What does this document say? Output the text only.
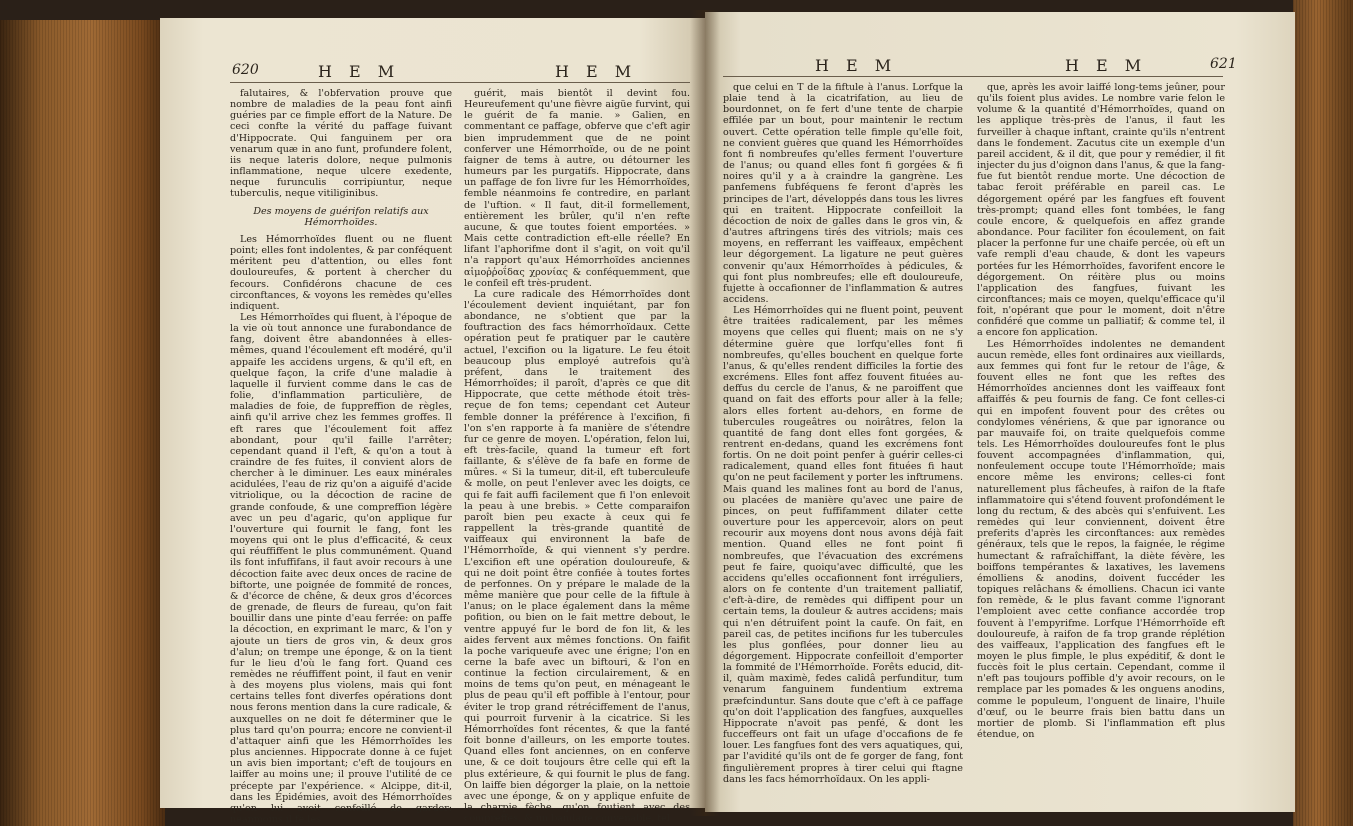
620	H E M	H E M

falutaires, & l'obfervation prouve que nombre de maladies de la peau font ainfi guéries par ce fimple effort de la Nature. De ceci confte la vérité du paffage fuivant d'Hippocrate. Qui fanguinem per ora venarum quæ in ano funt, profundere folent, iis neque lateris dolore, neque pulmonis inflammatione, neque ulcere exedente, neque furunculis corripiuntur, neque tuberculis, neque vitiliginibus.

Des moyens de guérifon relatifs aux Hémorrhoïdes.

Les Hémorrhoïdes fluent ou ne fluent point; elles font indolentes, & par conféquent méritent peu d'attention, ou elles font douloureufes, & portent à chercher du fecours. Confidérons chacune de ces circonftances, & voyons les remèdes qu'elles indiquent.

Les Hémorrhoïdes qui fluent, à l'époque de la vie où tout annonce une furabondance de fang, doivent être abandonnées à elles-mêmes, quand l'écoulement eft modéré, qu'il appaife les accidens urgens, & qu'il eft, en quelque façon, la crife d'une maladie à laquelle il furvient comme dans le cas de folie, d'inflammation particulière, de maladies de foie, de fuppreffion de règles, ainfi qu'il arrive chez les femmes groffes. Il eft rares que l'écoulement foit affez abondant, pour qu'il faille l'arrêter; cependant quand il l'eft, & qu'on a tout à craindre de fes fuites, il convient alors de chercher à le diminuer. Les eaux minérales acidulées, l'eau de riz qu'on a aiguifé d'acide vitriolique, ou la décoction de racine de grande confoude, & une compreffion légère avec un peu d'agaric, qu'on applique fur l'ouverture qui fournit le fang, font les moyens qui ont le plus d'efficacité, & ceux qui réuffiffent le plus communément. Quand ils font infuffifans, il faut avoir recours à une décoction faite avec deux onces de racine de biftorte, une poignée de fommité de ronces, & d'écorce de chêne, & deux gros d'écorces de grenade, de fleurs de fureau, qu'on fait bouillir dans une pinte d'eau ferrée: on paffe la décoction, en exprimant le marc, & l'on y ajoute un tiers de gros vin, & deux gros d'alun; on trempe une éponge, & on la tient fur le lieu d'où le fang fort. Quand ces remèdes ne réuffiffent point, il faut en venir à des moyens plus violens, mais qui font certains telles font diverfes opérations dont nous ferons mention dans la cure radicale, & auxquelles on ne doit fe déterminer que le plus tard qu'on pourra; encore ne convient-il d'attaquer ainfi que les Hémorrhoïdes les plus anciennes. Hippocrate donne à ce fujet un avis bien important; c'eft de toujours en laiffer au moins une; il prouve l'utilité de ce précepte par l'expérience. « Alcippe, dit-il, dans les Épidémies, avoit des Hémorrhoïdes qu'on lui avoit confeillé de garder; néanmoins il fe les

guérit, mais bientôt il devint fou. Heureufement qu'une fièvre aigüe furvint, qui le guérit de fa manie. » Galien, en commentant ce paffage, obferve que c'eft agir bien imprudemment que de ne point conferver une Hémorrhoïde, ou de ne point faigner de tems à autre, ou détourner les humeurs par les purgatifs. Hippocrate, dans un paffage de fon livre fur les Hémorrhoïdes, femble néanmoins fe contredire, en parlant de l'uftion. « Il faut, dit-il formellement, entièrement les brûler, qu'il n'en refte aucune, & que toutes foient emportées. » Mais cette contradiction eft-elle réelle? En lifant l'aphorifme dont il s'agit, on voit qu'il n'a rapport qu'aux Hémorrhoïdes anciennes αἱμοῤῥοΐδας χρονίας & conféquemment, que le confeil eft très-prudent.

La cure radicale des Hémorrhoïdes dont l'écoulement devient inquiétant, par fon abondance, ne s'obtient que par la fouftraction des facs hémorrhoïdaux. Cette opération peut fe pratiquer par le cautère actuel, l'excifion ou la ligature. Le feu étoit beaucoup plus employé autrefois qu'à préfent, dans le traitement des Hémorrhoïdes; il paroît, d'après ce que dit Hippocrate, que cette méthode étoit très-reçue de fon tems; cependant cet Auteur femble donner la préférence à l'excifion, fi l'on s'en rapporte à fa manière de s'étendre fur ce genre de moyen. L'opération, felon lui, eft très-facile, quand la tumeur eft fort faillante, & s'élève de fa bafe en forme de mûres. « Si la tumeur, dit-il, eft tuberculeufe & molle, on peut l'enlever avec les doigts, ce qui fe fait auffi facilement que fi l'on enlevoit la peau à une brebis. » Cette comparaifon paroît bien peu exacte à ceux qui fe rappellent la très-grande quantité de vaiffeaux qui environnent la bafe de l'Hémorrhoïde, & qui viennent s'y perdre. L'excifion eft une opération douloureufe, & qui ne doit point être confiée à toutes fortes de perfonnes. On y prépare le malade de la même manière que pour celle de la fiftule à l'anus; on le place également dans la même pofition, ou bien on le fait mettre debout, le ventre appuyé fur le bord de fon lit, & les aides fervent aux mêmes fonctions. On faifit la poche variqueufe avec une érigne; l'on en cerne la bafe avec un biftouri, & l'on en continue la fection circulairement, & en moins de tems qu'on peut, en ménageant le plus de peau qu'il eft poffible à l'entour, pour éviter le trop grand rétréciffement de l'anus, qui pourroit furvenir à la cicatrice. Si les Hémorrhoïdes font récentes, & que la fanté foit bonne d'ailleurs, on les emporte toutes. Quand elles font anciennes, on en conferve une, & ce doit toujours être celle qui eft la plus extérieure, & qui fournit le plus de fang. On laiffe bien dégorger la plaie, on la nettoie avec une éponge, & on y applique enfuite de la charpie fèche, qu'on foutient avec des compreffes, & un bandage convenable, tel

H E M	H E M	621

que celui en T de la fiftule à l'anus. Lorfque la plaie tend à la cicatrifation, au lieu de bourdonnet, on fe fert d'une tente de charpie effilée par un bout, pour maintenir le rectum ouvert. Cette opération telle fimple qu'elle foit, ne convient guères que quand les Hémorrhoïdes font fi nombreufes qu'elles ferment l'ouverture de l'anus; ou quand elles font fi gorgées & fi noires qu'il y a à craindre la gangrène. Les panfemens fubféquens fe feront d'après les principes de l'art, développés dans tous les livres qui en traitent. Hippocrate confeilloit la décoction de noix de galles dans le gros vin, & d'autres aftringens tirés des vitriols; mais ces moyens, en refferrant les vaiffeaux, empêchent leur dégorgement. La ligature ne peut guères convenir qu'aux Hémorrhoïdes à pédicules, & qui font plus nombreufes; elle eft douloureufe, fujette à occafionner de l'inflammation & autres accidens.

Les Hémorrhoïdes qui ne fluent point, peuvent être traitées radicalement, par les mêmes moyens que celles qui fluent; mais on ne s'y détermine guère que lorfqu'elles font fi nombreufes, qu'elles bouchent en quelque forte l'anus, & qu'elles rendent difficiles la fortie des excrémens. Elles font affez fouvent fituées au-deffus du cercle de l'anus, & ne paroiffent que quand on fait des efforts pour aller à la felle; alors elles fortent au-dehors, en forme de tubercules rougeâtres ou noirâtres, felon la quantité de fang dont elles font gorgées, & rentrent en-dedans, quand les excrémens font fortis. On ne doit point penfer à guérir celles-ci radicalement, quand elles font fituées fi haut qu'on ne peut facilement y porter les inftrumens. Mais quand les malines font au bord de l'anus, ou placées de manière qu'avec une paire de pinces, on peut fuffifamment dilater cette ouverture pour les appercevoir, alors on peut recourir aux moyens dont nous avons déjà fait mention. Quand elles ne font point fi nombreufes, que l'évacuation des excrémens peut fe faire, quoiqu'avec difficulté, que les accidens qu'elles occafionnent font irréguliers, alors on fe contente d'un traitement palliatif, c'eft-à-dire, de remèdes qui diffipent pour un certain tems, la douleur & autres accidens; mais qui n'en détruifent point la caufe. On fait, en pareil cas, de petites incifions fur les tubercules les plus gonflées, pour donner lieu au dégorgement. Hippocrate confeilloit d'emporter la fommité de l'Hémorrhoïde. Forêts educid, dit-il, quàm maximè, fedes calidâ perfunditur, tum venarum fanguinem fundentium extrema præfcinduntur. Sans doute que c'eft à ce paffage qu'on doit l'application des fangfues, auxquelles Hippocrate n'avoit pas penfé, & dont les fucceffeurs ont fait un ufage d'occafions de fe louer. Les fangfues font des vers aquatiques, qui, par l'avidité qu'ils ont de fe gorger de fang, font fingulièrement propres à tirer celui qui ftagne dans les facs hémorrhoïdaux. On les appli-

que, après les avoir laiffé long-tems jeûner, pour qu'ils foient plus avides. Le nombre varie felon le volume & la quantité d'Hémorrhoïdes, quand on les applique très-près de l'anus, il faut les furveiller à chaque inftant, crainte qu'ils n'entrent dans le fondement. Zacutus cite un exemple d'un pareil accident, & il dit, que pour y remédier, il fit injecter du jus d'oignon dans l'anus, & que la fang-fue fut bientôt rendue morte. Une décoction de tabac feroit préférable en pareil cas. Le dégorgement opéré par les fangfues eft fouvent très-prompt; quand elles font tombées, le fang coule encore, & quelquefois en affez grande abondance. Pour faciliter fon écoulement, on fait placer la perfonne fur une chaife percée, où eft un vafe rempli d'eau chaude, & dont les vapeurs portées fur les Hémorrhoïdes, favorifent encore le dégorgement. On réitère plus ou moins l'application des fangfues, fuivant les circonftances; mais ce moyen, quelqu'efficace qu'il foit, n'opérant que pour le moment, doit n'être confidéré que comme un palliatif; & comme tel, il a encore fon application.

Les Hémorrhoïdes indolentes ne demandent aucun remède, elles font ordinaires aux vieillards, aux femmes qui font fur le retour de l'âge, & fouvent elles ne font que les reftes des Hémorrhoïdes anciennes dont les vaiffeaux font affaiffés & peu fournis de fang. Ce font celles-ci qui en impofent fouvent pour des crêtes ou condylomes vénériens, & que par ignorance ou par mauvaife foi, on traite quelquefois comme tels. Les Hémorrhoïdes douloureufes font le plus fouvent accompagnées d'inflammation, qui, nonfeulement occupe toute l'Hémorrhoïde; mais encore même les environs; celles-ci font naturellement plus fâcheufes, à raifon de la ftafe inflammatoire qui s'étend fouvent profondément le long du rectum, & des abcès qui s'enfuivent. Les remèdes qui leur conviennent, doivent être preferits d'après les circonftances: aux remèdes généraux, tels que le repos, la faignée, le régime humectant & rafraîchiffant, la diète févère, les boiffons tempérantes & laxatives, les lavemens émolliens & anodins, doivent fuccéder les topiques relâchans & émolliens. Chacun ici vante fon remède, & le plus favant comme l'ignorant l'emploient avec cette confiance accordée trop fouvent à l'empyrifme. Lorfque l'Hémorrhoïde eft douloureufe, à raifon de fa trop grande réplétion des vaiffeaux, l'application des fangfues eft le moyen le plus fimple, le plus expéditif, & dont le fuccès foit le plus certain. Cependant, comme il n'eft pas toujours poffible d'y avoir recours, on le remplace par les pomades & les onguens anodins, comme le populeum, l'onguent de linaire, l'huile d'œuf, ou le beurre frais bien battu dans un mortier de plomb. Si l'inflammation eft plus étendue, on
